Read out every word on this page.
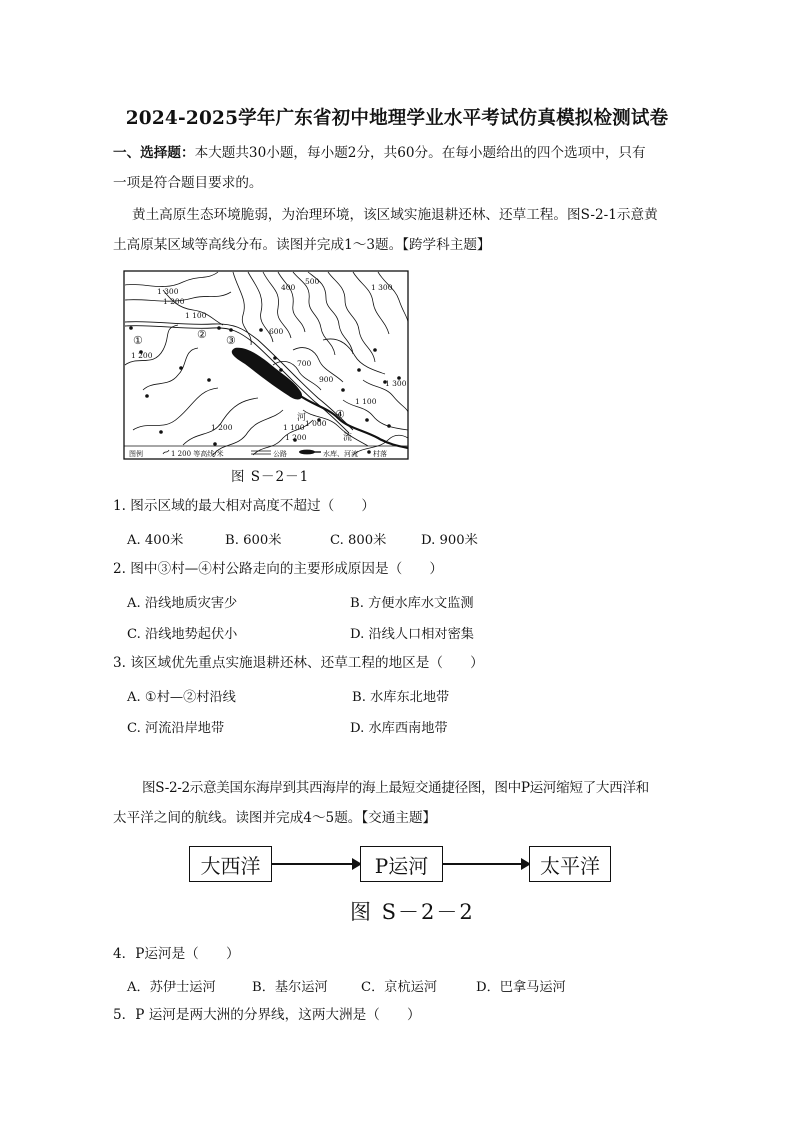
2024-2025学年广东省初中地理学业水平考试仿真模拟检测试卷
一、选择题：本大题共30小题，每小题2分，共60分。在每小题给出的四个选项中，只有
一项是符合题目要求的。
黄土高原生态环境脆弱，为治理环境，该区域实施退耕还林、还草工程。图S-2-1示意黄
土高原某区域等高线分布。读图并完成1～3题。【跨学科主题】
1 300
1 200
1 100
1 200
400
500
600
700
900
1 300
1 300
1 100
1 200	1 100
1 200
1 000
①	② ③
④
河
流
图例	1 200 等高线/米	公路	水库、河流 村落
图 S－2－1
1. 图示区域的最大相对高度不超过（　　）
A. 400米	B. 600米	C. 800米	D. 900米
2. 图中③村—④村公路走向的主要形成原因是（　　）
A. 沿线地质灾害少	B. 方便水库水文监测
C. 沿线地势起伏小	D. 沿线人口相对密集
3. 该区域优先重点实施退耕还林、还草工程的地区是（　　）
A. ①村—②村沿线	B. 水库东北地带
C. 河流沿岸地带	D. 水库西南地带
图S-2-2示意美国东海岸到其西海岸的海上最短交通捷径图，图中P运河缩短了大西洋和
太平洋之间的航线。读图并完成4～5题。【交通主题】
大西洋	P运河	太平洋
图 S－2－2
4．P运河是（　　）
A．苏伊士运河	B．基尔运河	C．京杭运河	D．巴拿马运河
5．P 运河是两大洲的分界线，这两大洲是（　　）
